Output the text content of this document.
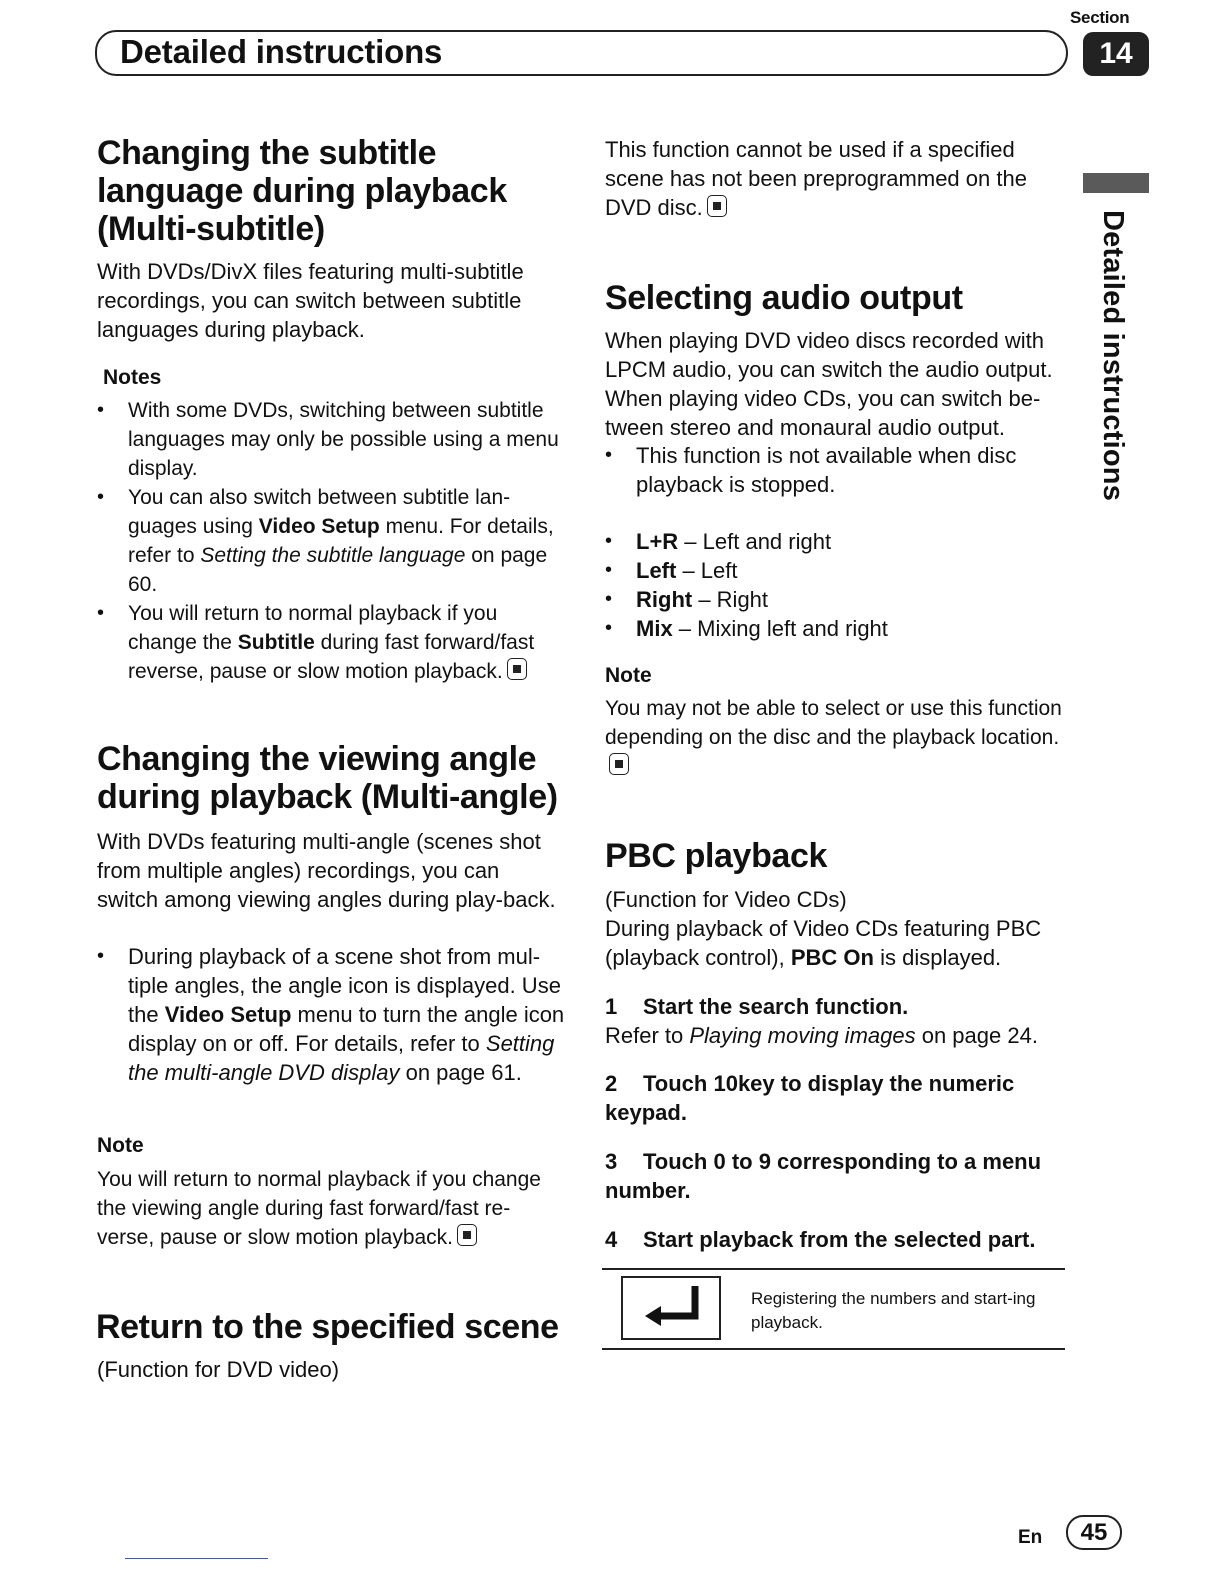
Section
Detailed instructions	14
Detailed instructions
Changing the subtitle language during playback (Multi-subtitle)

With DVDs/DivX files featuring multi-subtitle recordings, you can switch between subtitle languages during playback.

Notes
• With some DVDs, switching between subtitle languages may only be possible using a menu display.
• You can also switch between subtitle lan-guages using Video Setup menu. For details, refer to Setting the subtitle language on page 60.
• You will return to normal playback if you change the Subtitle during fast forward/fast reverse, pause or slow motion playback.
Changing the viewing angle during playback (Multi-angle)

With DVDs featuring multi-angle (scenes shot from multiple angles) recordings, you can switch among viewing angles during play-back.

• During playback of a scene shot from mul-tiple angles, the angle icon is displayed. Use the Video Setup menu to turn the angle icon display on or off. For details, refer to Setting the multi-angle DVD display on page 61.
Note

You will return to normal playback if you change the viewing angle during fast forward/fast re-verse, pause or slow motion playback.

Return to the specified scene

(Function for DVD video)

This function cannot be used if a specified scene has not been preprogrammed on the DVD disc.

Selecting audio output

When playing DVD video discs recorded with LPCM audio, you can switch the audio output. When playing video CDs, you can switch be-tween stereo and monaural audio output.

• This function is not available when disc playback is stopped.
• L+R – Left and right
• Left – Left
• Right – Right
• Mix – Mixing left and right
Note

You may not be able to select or use this function depending on the disc and the playback location.

PBC playback

(Function for Video CDs)

During playback of Video CDs featuring PBC (playback control), PBC On is displayed.

1 Start the search function.

Refer to Playing moving images on page 24.

2 Touch 10key to display the numeric keypad.

3 Touch 0 to 9 corresponding to a menu number.

4 Start playback from the selected part.

Registering the numbers and start-ing playback.
En	45
